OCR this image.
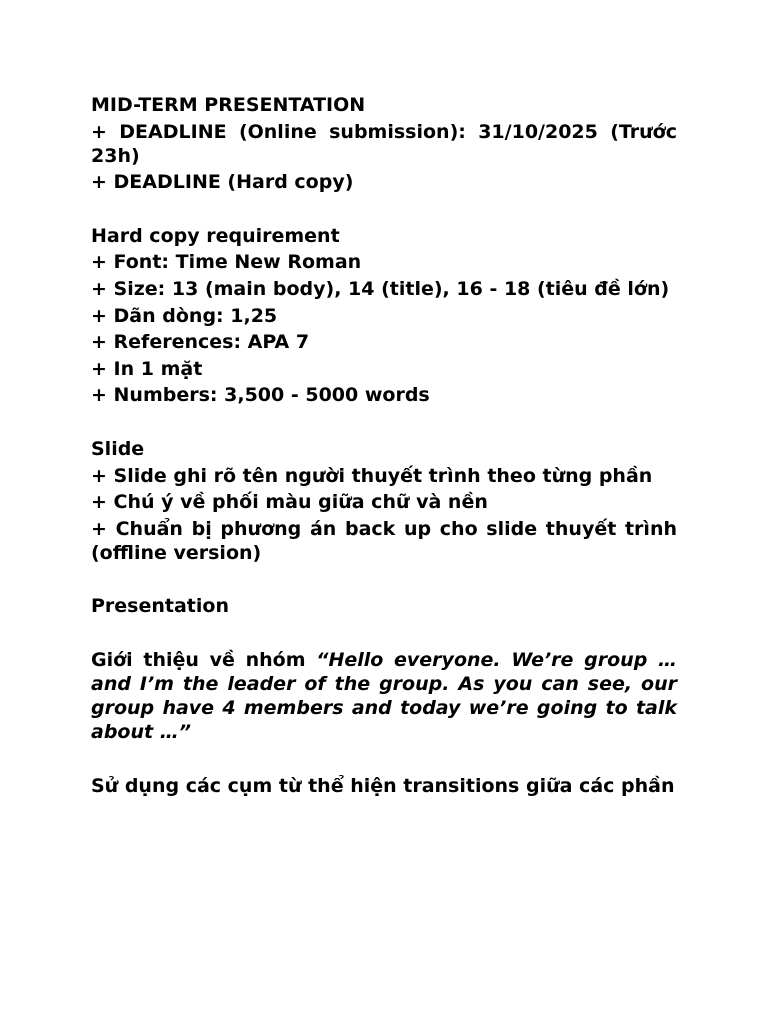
MID-TERM PRESENTATION
+ DEADLINE (Online submission): 31/10/2025 (Trước 23h)
+ DEADLINE (Hard copy)
Hard copy requirement
+ Font: Time New Roman
+ Size: 13 (main body), 14 (title), 16 - 18 (tiêu đề lớn)
+ Dãn dòng: 1,25
+ References: APA 7
+ In 1 mặt
+ Numbers: 3,500 - 5000 words
Slide
+ Slide ghi rõ tên người thuyết trình theo từng phần
+ Chú ý về phối màu giữa chữ và nền
+ Chuẩn bị phương án back up cho slide thuyết trình (offline version)
Presentation
Giới thiệu về nhóm “Hello everyone. We’re group … and I’m the leader of the group. As you can see, our group have 4 members and today we’re going to talk about …”
Sử dụng các cụm từ thể hiện transitions giữa các phần
